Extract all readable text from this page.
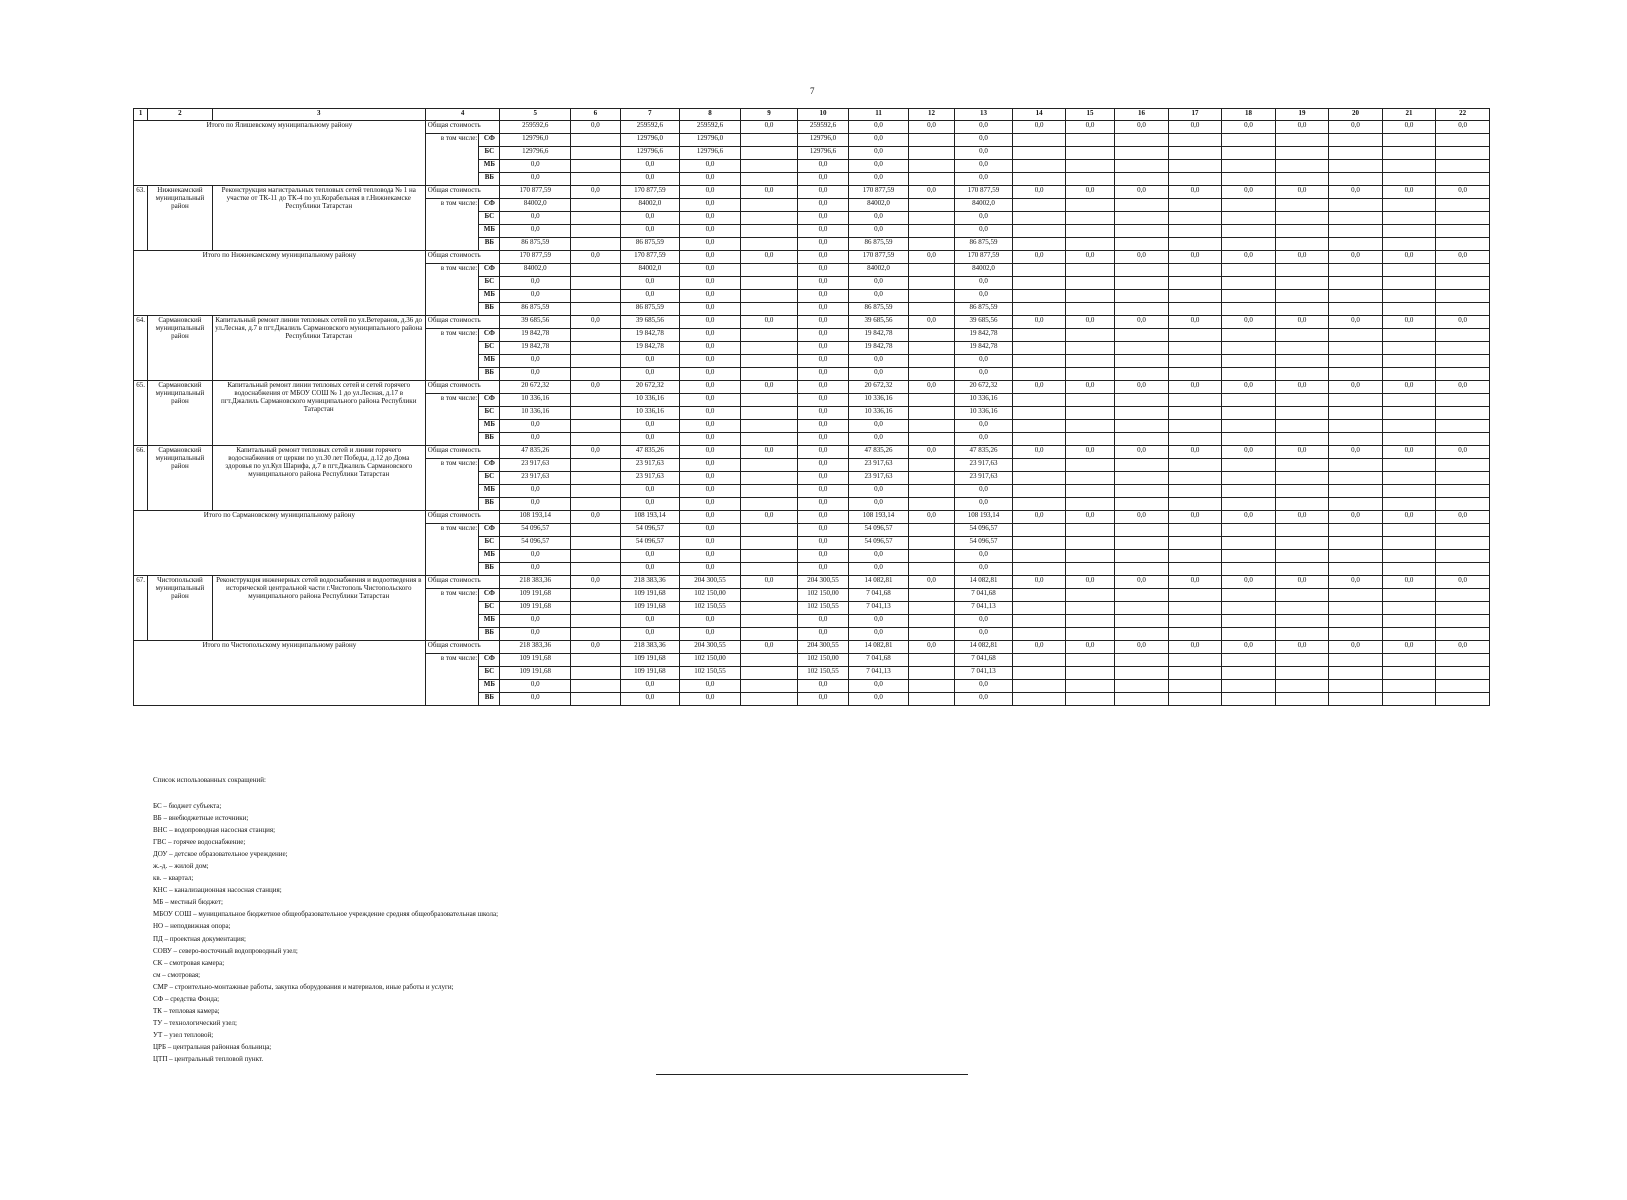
7
1	2	3	4		5	6	7	8	9	10	11	12	13	14	15	16	17	18	19	20	21	22
Итого по Ялишевскому муниципальному району			Общая стоимость		259592,6	0,0	259592,6	259592,6	0,0	259592,6	0,0	0,0	0,0	0,0	0,0	0,0	0,0	0,0	0,0	0,0	0,0	0,0
			в том числе:	СФ	129796,0		129796,0	129796,0		129796,0	0,0		0,0									
				БС	129796,6		129796,6	129796,6		129796,6	0,0		0,0									
				МБ	0,0		0,0	0,0		0,0	0,0		0,0									
				ВБ	0,0		0,0	0,0		0,0	0,0		0,0									
63.	Нижнекамский муниципальный район	Реконструкция магистральных тепловых сетей тепловода № 1 на участке от ТК-11 до ТК-4 по ул.Корабельная в г.Нижнекамске Республики Татарстан	Общая стоимость		170 877,59	0,0	170 877,59	0,0	0,0	0,0	170 877,59	0,0	170 877,59	0,0	0,0	0,0	0,0	0,0	0,0	0,0	0,0	0,0
			в том числе:	СФ	84002,0		84002,0	0,0		0,0	84002,0		84002,0									
				БС	0,0		0,0	0,0		0,0	0,0		0,0									
				МБ	0,0		0,0	0,0		0,0	0,0		0,0									
				ВБ	86 875,59		86 875,59	0,0		0,0	86 875,59		86 875,59									
Итого по Нижнекамскому муниципальному району			Общая стоимость		170 877,59	0,0	170 877,59	0,0	0,0	0,0	170 877,59	0,0	170 877,59	0,0	0,0	0,0	0,0	0,0	0,0	0,0	0,0	0,0
			в том числе:	СФ	84002,0		84002,0	0,0		0,0	84002,0		84002,0									
				БС	0,0		0,0	0,0		0,0	0,0		0,0									
				МБ	0,0		0,0	0,0		0,0	0,0		0,0									
				ВБ	86 875,59		86 875,59	0,0		0,0	86 875,59		86 875,59									
64.	Сармановский муниципальный район	Капитальный ремонт линии тепловых сетей по ул.Ветеранов, д.36 до ул.Лесная, д.7 в пгт.Джалиль Сармановского муниципального района Республики Татарстан	Общая стоимость		39 685,56	0,0	39 685,56	0,0	0,0	0,0	39 685,56	0,0	39 685,56	0,0	0,0	0,0	0,0	0,0	0,0	0,0	0,0	0,0
			в том числе:	СФ	19 842,78		19 842,78	0,0		0,0	19 842,78		19 842,78									
				БС	19 842,78		19 842,78	0,0		0,0	19 842,78		19 842,78									
				МБ	0,0		0,0	0,0		0,0	0,0		0,0									
				ВБ	0,0		0,0	0,0		0,0	0,0		0,0									
65.	Сармановский муниципальный район	Капитальный ремонт линии тепловых сетей и сетей горячего водоснабжения от МБОУ СОШ № 1 до ул.Лесная, д.17 в пгт.Джалиль Сармановского муниципального района Республики Татарстан	Общая стоимость		20 672,32	0,0	20 672,32	0,0	0,0	0,0	20 672,32	0,0	20 672,32	0,0	0,0	0,0	0,0	0,0	0,0	0,0	0,0	0,0
			в том числе:	СФ	10 336,16		10 336,16	0,0		0,0	10 336,16		10 336,16									
				БС	10 336,16		10 336,16	0,0		0,0	10 336,16		10 336,16									
				МБ	0,0		0,0	0,0		0,0	0,0		0,0									
				ВБ	0,0		0,0	0,0		0,0	0,0		0,0									
66.	Сармановский муниципальный район	Капитальный ремонт тепловых сетей и линии горячего водоснабжения от церкви по ул.30 лет Победы, д.12 до Дома здоровья по ул.Кул Шарифа, д.7 в пгт.Джалиль Сармановского муниципального района Республики Татарстан	Общая стоимость		47 835,26	0,0	47 835,26	0,0	0,0	0,0	47 835,26	0,0	47 835,26	0,0	0,0	0,0	0,0	0,0	0,0	0,0	0,0	0,0
			в том числе:	СФ	23 917,63		23 917,63	0,0		0,0	23 917,63		23 917,63									
				БС	23 917,63		23 917,63	0,0		0,0	23 917,63		23 917,63									
				МБ	0,0		0,0	0,0		0,0	0,0		0,0									
				ВБ	0,0		0,0	0,0		0,0	0,0		0,0									
Итого по Сармановскому муниципальному району			Общая стоимость		108 193,14	0,0	108 193,14	0,0	0,0	0,0	108 193,14	0,0	108 193,14	0,0	0,0	0,0	0,0	0,0	0,0	0,0	0,0	0,0
			в том числе:	СФ	54 096,57		54 096,57	0,0		0,0	54 096,57		54 096,57									
				БС	54 096,57		54 096,57	0,0		0,0	54 096,57		54 096,57									
				МБ	0,0		0,0	0,0		0,0	0,0		0,0									
				ВБ	0,0		0,0	0,0		0,0	0,0		0,0									
67.	Чистопольский муниципальный район	Реконструкция инженерных сетей водоснабжения и водоотведения в исторической центральной части г.Чистополь Чистопольского муниципального района Республики Татарстан	Общая стоимость		218 383,36	0,0	218 383,36	204 300,55	0,0	204 300,55	14 082,81	0,0	14 082,81	0,0	0,0	0,0	0,0	0,0	0,0	0,0	0,0	0,0
			в том числе:	СФ	109 191,68		109 191,68	102 150,00		102 150,00	7 041,68		7 041,68									
				БС	109 191,68		109 191,68	102 150,55		102 150,55	7 041,13		7 041,13									
				МБ	0,0		0,0	0,0		0,0	0,0		0,0									
				ВБ	0,0		0,0	0,0		0,0	0,0		0,0									
Итого по Чистопольскому муниципальному району			Общая стоимость		218 383,36	0,0	218 383,36	204 300,55	0,0	204 300,55	14 082,81	0,0	14 082,81	0,0	0,0	0,0	0,0	0,0	0,0	0,0	0,0	0,0
			в том числе:	СФ	109 191,68		109 191,68	102 150,00		102 150,00	7 041,68		7 041,68									
				БС	109 191,68		109 191,68	102 150,55		102 150,55	7 041,13		7 041,13									
				МБ	0,0		0,0	0,0		0,0	0,0		0,0									
				ВБ	0,0		0,0	0,0		0,0	0,0		0,0									
Список использованных сокращений:
БС – бюджет субъекта;
ВБ – внебюджетные источники;
ВНС – водопроводная насосная станция;
ГВС – горячее водоснабжение;
ДОУ – детское образовательное учреждение;
ж.-д. – жилой дом;
кв. – квартал;
КНС – канализационная насосная станция;
МБ – местный бюджет;
МБОУ СОШ – муниципальное бюджетное общеобразовательное учреждение средняя общеобразовательная школа;
НО – неподвижная опора;
ПД – проектная документация;
СОВУ – северо-восточный водопроводный узел;
СК – смотровая камера;
см – смотровая;
СМР – строительно-монтажные работы, закупка оборудования и материалов, иные работы и услуги;
СФ – средства Фонда;
ТК – тепловая камера;
ТУ – технологический узел;
УТ – узел тепловой;
ЦРБ – центральная районная больница;
ЦТП – центральный тепловой пункт.
